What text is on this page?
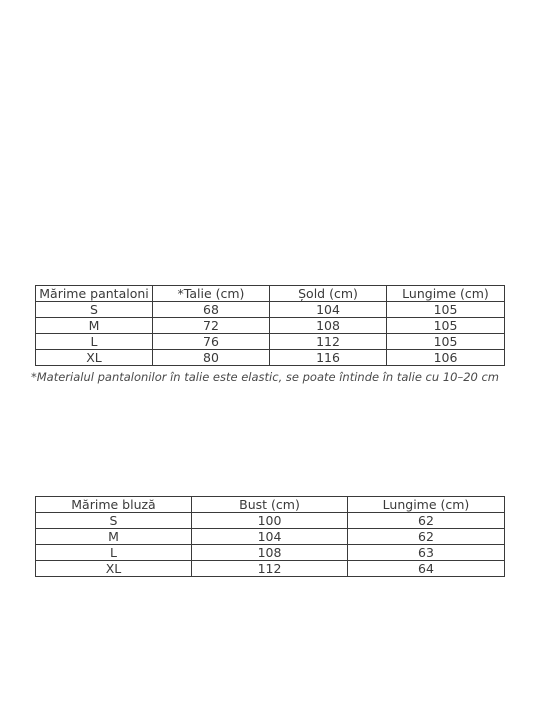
Mărime pantaloni	*Talie (cm)	Șold (cm)	Lungime (cm)
S	68	104	105
M	72	108	105
L	76	112	105
XL	80	116	106
*Materialul pantalonilor în talie este elastic, se poate întinde în talie cu 10–20 cm
Mărime bluză	Bust (cm)	Lungime (cm)
S	100	62
M	104	62
L	108	63
XL	112	64
